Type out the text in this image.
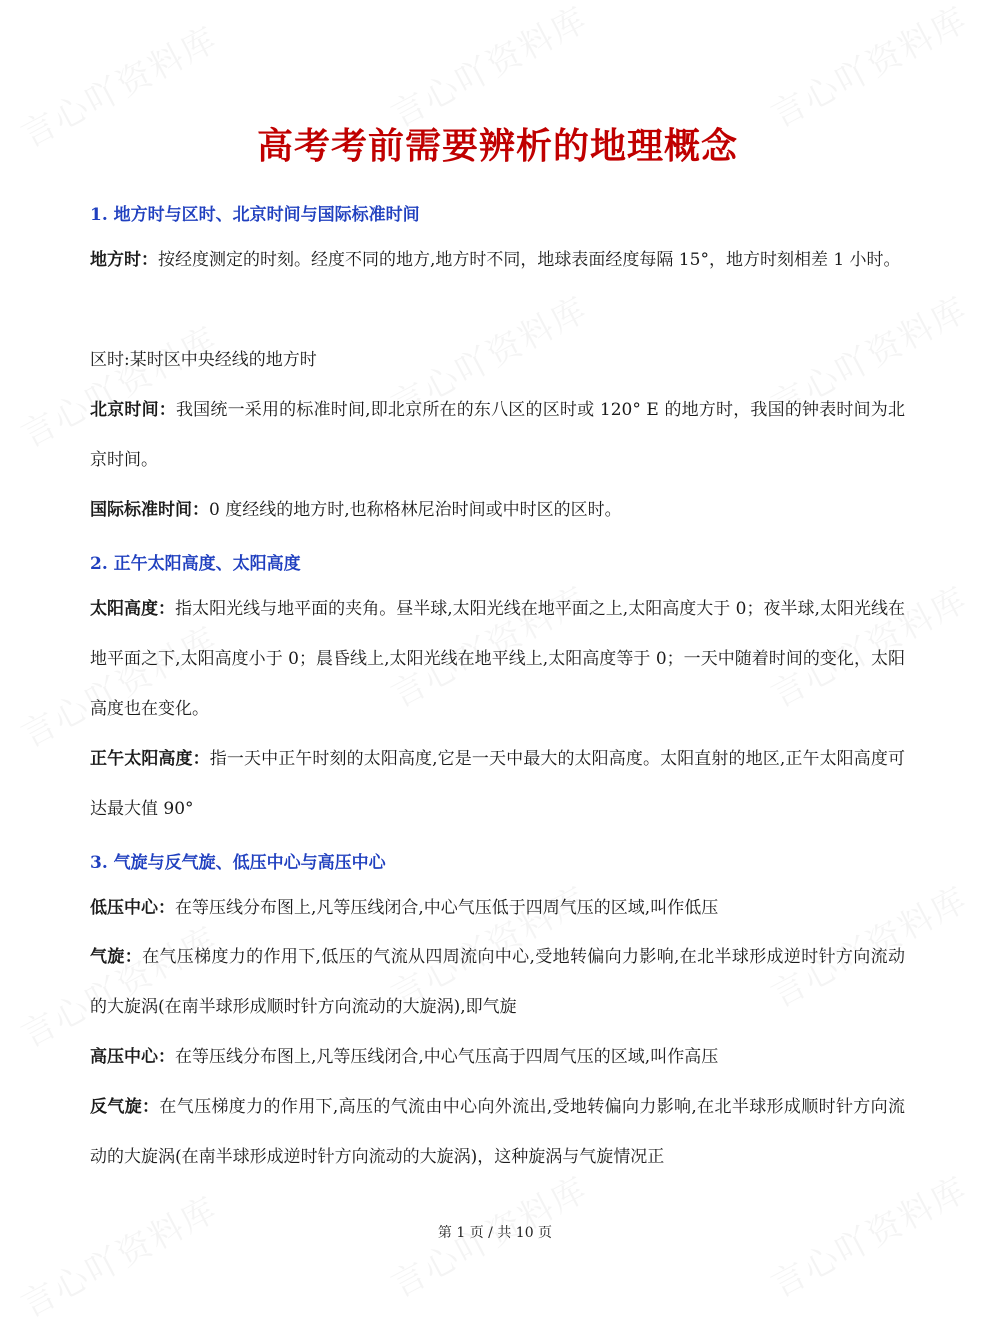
高考考前需要辨析的地理概念
1. 地方时与区时、北京时间与国际标准时间
地方时：按经度测定的时刻。经度不同的地方,地方时不同，地球表面经度每隔 15°，地方时刻相差 1 小时。
区时:某时区中央经线的地方时
北京时间：我国统一采用的标准时间,即北京所在的东八区的区时或 120° E 的地方时，我国的钟表时间为北京时间。
国际标准时间：0 度经线的地方时,也称格林尼治时间或中时区的区时。
2. 正午太阳高度、太阳高度
太阳高度：指太阳光线与地平面的夹角。昼半球,太阳光线在地平面之上,太阳高度大于 0；夜半球,太阳光线在地平面之下,太阳高度小于 0；晨昏线上,太阳光线在地平线上,太阳高度等于 0；一天中随着时间的变化，太阳高度也在变化。
正午太阳高度：指一天中正午时刻的太阳高度,它是一天中最大的太阳高度。太阳直射的地区,正午太阳高度可达最大值 90°
3. 气旋与反气旋、低压中心与高压中心
低压中心：在等压线分布图上,凡等压线闭合,中心气压低于四周气压的区域,叫作低压
气旋：在气压梯度力的作用下,低压的气流从四周流向中心,受地转偏向力影响,在北半球形成逆时针方向流动的大旋涡(在南半球形成顺时针方向流动的大旋涡),即气旋
高压中心：在等压线分布图上,凡等压线闭合,中心气压高于四周气压的区域,叫作高压
反气旋：在气压梯度力的作用下,高压的气流由中心向外流出,受地转偏向力影响,在北半球形成顺时针方向流动的大旋涡(在南半球形成逆时针方向流动的大旋涡)，这种旋涡与气旋情况正
第 1 页 / 共 10 页
